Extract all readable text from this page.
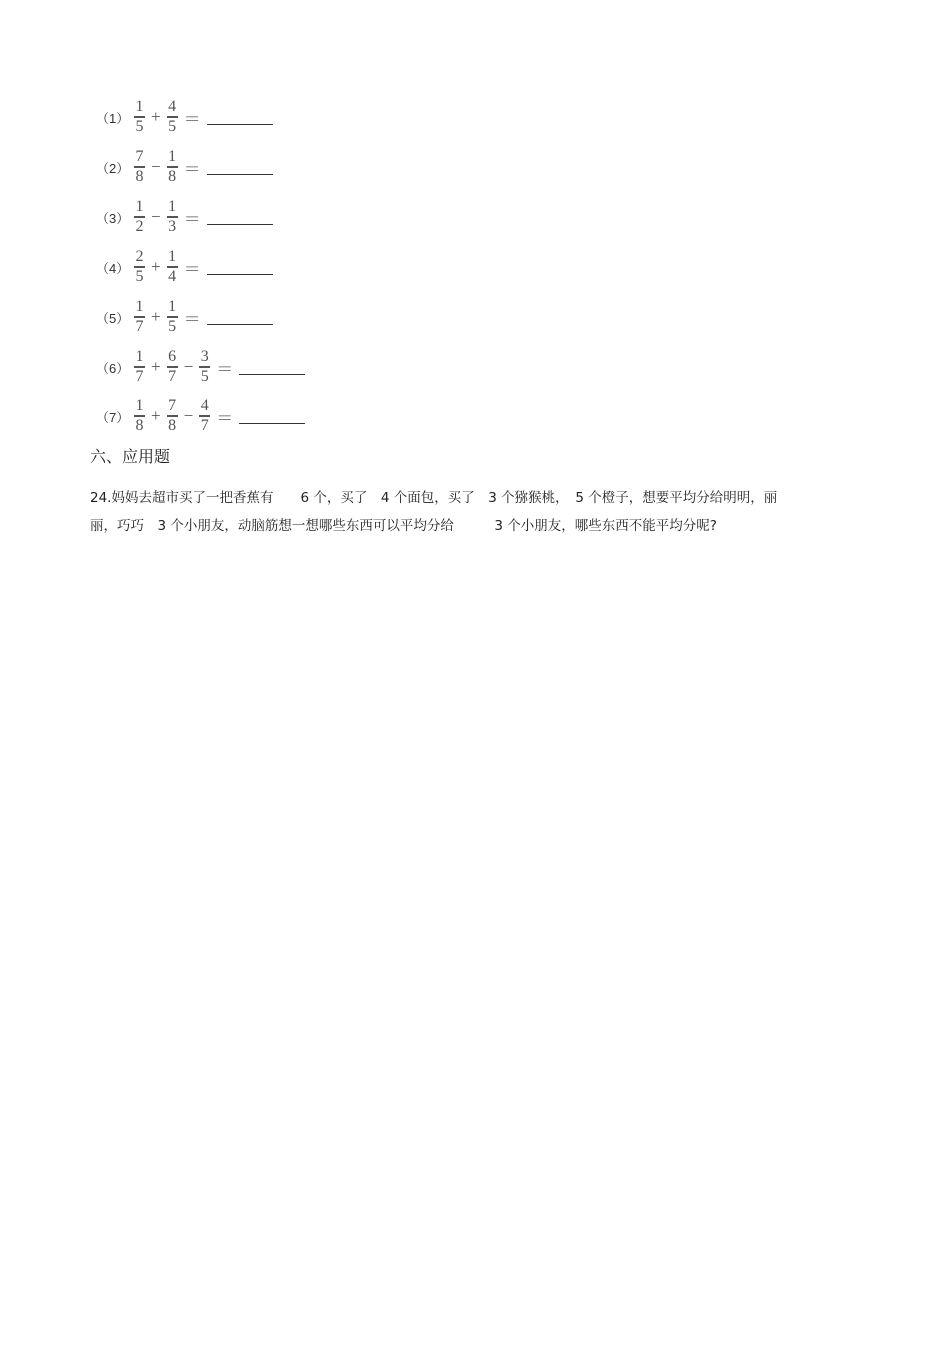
$(1) \frac{1}{5} + \frac{4}{5}$ ＝
$(2) \frac{7}{8} - \frac{1}{8}$ ＝
$(3) \frac{1}{2} - \frac{1}{3}$ ＝
$(4) \frac{2}{5} + \frac{1}{4}$ ＝
$(5) \frac{1}{7} + \frac{1}{5}$ ＝
$(6) \frac{1}{7} + \frac{6}{7} - \frac{3}{5}$ ＝
$(7) \frac{1}{8} + \frac{7}{8} - \frac{4}{7}$ ＝
六、应用题
24.妈妈去超市买了一把香蕉有　　6 个，买了　4 个面包，买了　3 个猕猴桃，　5 个橙子，想要平均分给明明，丽
丽，巧巧　3 个小朋友，动脑筋想一想哪些东西可以平均分给　　　3 个小朋友，哪些东西不能平均分呢?
